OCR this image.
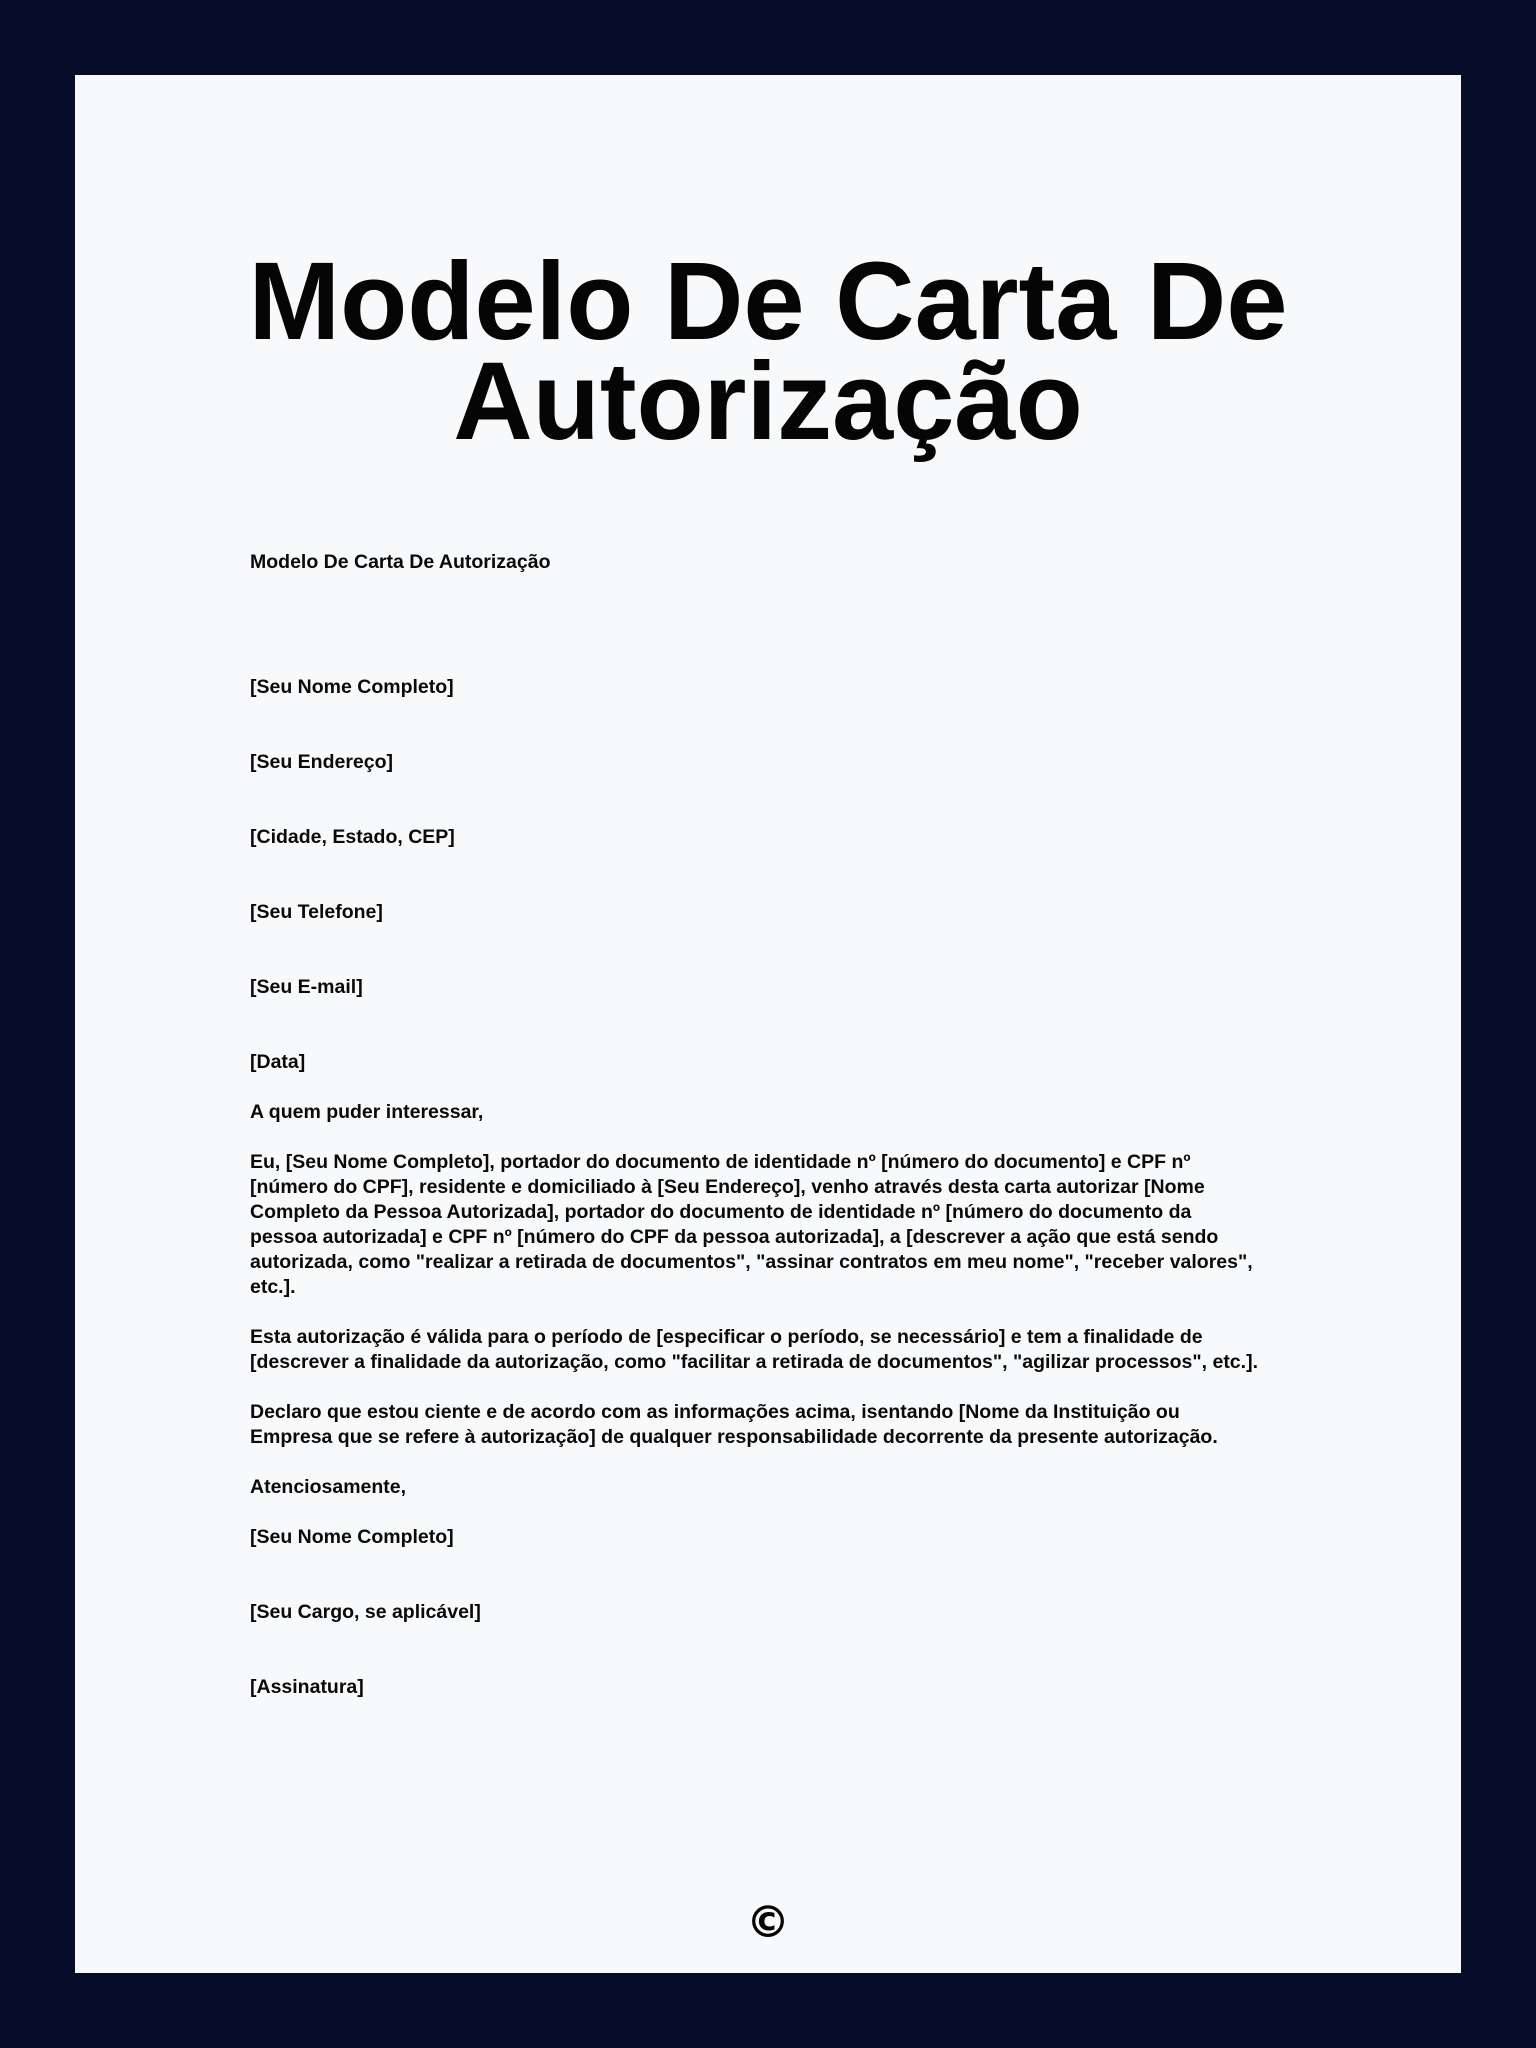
Modelo De Carta De Autorização

Modelo De Carta De Autorização

[Seu Nome Completo]

[Seu Endereço]

[Cidade, Estado, CEP]

[Seu Telefone]

[Seu E-mail]

[Data]

A quem puder interessar,

Eu, [Seu Nome Completo], portador do documento de identidade nº [número do documento] e CPF nº [número do CPF], residente e domiciliado à [Seu Endereço], venho através desta carta autorizar [Nome Completo da Pessoa Autorizada], portador do documento de identidade nº [número do documento da pessoa autorizada] e CPF nº [número do CPF da pessoa autorizada], a [descrever a ação que está sendo autorizada, como "realizar a retirada de documentos", "assinar contratos em meu nome", "receber valores", etc.].

Esta autorização é válida para o período de [especificar o período, se necessário] e tem a finalidade de [descrever a finalidade da autorização, como "facilitar a retirada de documentos", "agilizar processos", etc.].

Declaro que estou ciente e de acordo com as informações acima, isentando [Nome da Instituição ou Empresa que se refere à autorização] de qualquer responsabilidade decorrente da presente autorização.

Atenciosamente,

[Seu Nome Completo]

[Seu Cargo, se aplicável]

[Assinatura]

©
